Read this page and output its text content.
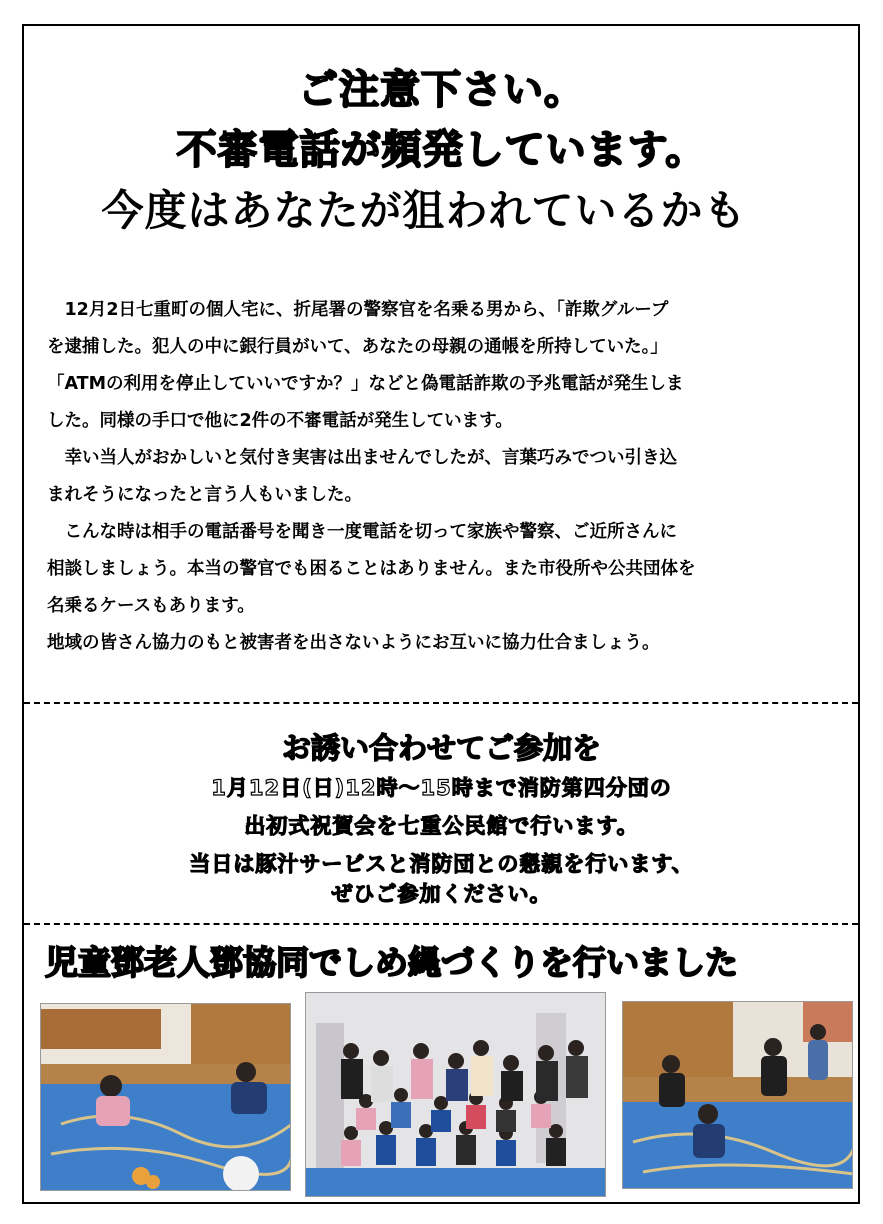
ご注意下さい。
不審電話が頻発しています。
今度はあなたが狙われているかも

　12月2日七重町の個人宅に、折尾署の警察官を名乗る男から、「詐欺グループ

を逮捕した。犯人の中に銀行員がいて、あなたの母親の通帳を所持していた。」

「ATMの利用を停止していいですか？」などと偽電話詐欺の予兆電話が発生しま

した。同様の手口で他に2件の不審電話が発生しています。

　幸い当人がおかしいと気付き実害は出ませんでしたが、言葉巧みでつい引き込

まれそうになったと言う人もいました。

　こんな時は相手の電話番号を聞き一度電話を切って家族や警察、ご近所さんに

相談しましょう。本当の警官でも困ることはありません。また市役所や公共団体を

名乗るケースもあります。

地域の皆さん協力のもと被害者を出さないようにお互いに協力仕合ましょう。

お誘い合わせてご参加を
1月12日(日)12時～15時まで消防第四分団の
出初式祝賀会を七重公民館で行います。
当日は豚汁サービスと消防団との懇親を行います、
ぜひご参加ください。
児童鄧老人鄧協同でしめ縄づくりを行いました
